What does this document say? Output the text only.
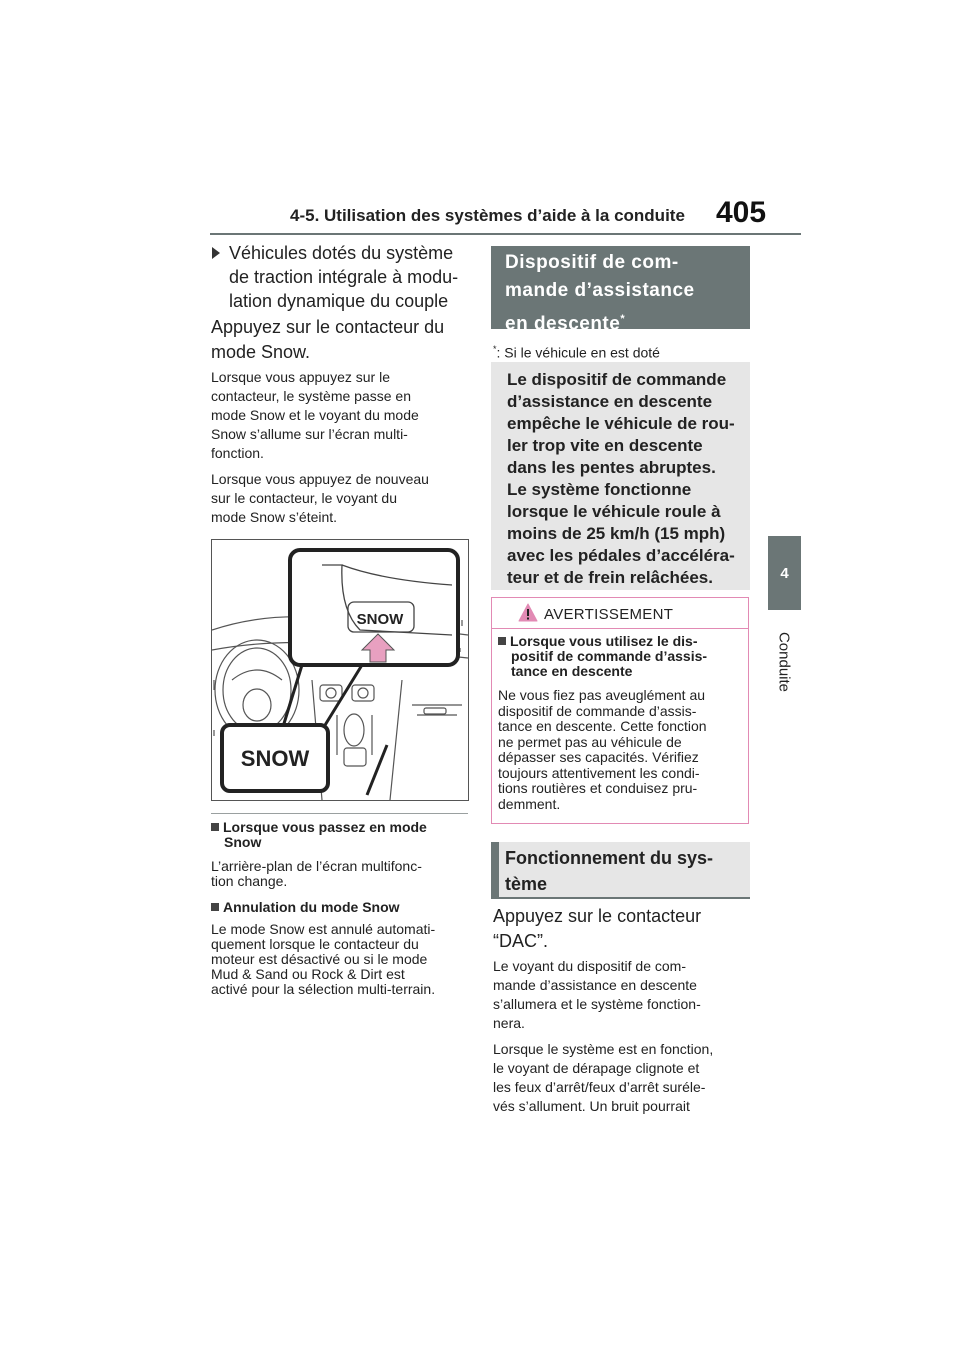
4-5. Utilisation des systèmes d’aide à la conduite 405
4
Conduite
Véhicules dotés du système
de traction intégrale à modu-
lation dynamique du couple
Appuyez sur le contacteur du
mode Snow.
Lorsque vous appuyez sur le
contacteur, le système passe en
mode Snow et le voyant du mode
Snow s’allume sur l’écran multi-
fonction.
Lorsque vous appuyez de nouveau
sur le contacteur, le voyant du
mode Snow s’éteint.
SNOW
SNOW
Lorsque vous passez en mode
Snow
L’arrière-plan de l’écran multifonc-
tion change.
Annulation du mode Snow
Le mode Snow est annulé automati-
quement lorsque le contacteur du
moteur est désactivé ou si le mode
Mud & Sand ou Rock & Dirt est
activé pour la sélection multi-terrain.
Dispositif de com-
mande d’assistance
en descente*
*: Si le véhicule en est doté
Le dispositif de commande
d’assistance en descente
empêche le véhicule de rou-
ler trop vite en descente
dans les pentes abruptes.
Le système fonctionne
lorsque le véhicule roule à
moins de 25 km/h (15 mph)
avec les pédales d’accéléra-
teur et de frein relâchées.
AVERTISSEMENT
Lorsque vous utilisez le dis-
positif de commande d’assis-
tance en descente
Ne vous fiez pas aveuglément au
dispositif de commande d’assis-
tance en descente. Cette fonction
ne permet pas au véhicule de
dépasser ses capacités. Vérifiez
toujours attentivement les condi-
tions routières et conduisez pru-
demment.
Fonctionnement du sys-
tème
Appuyez sur le contacteur
“DAC”.
Le voyant du dispositif de com-
mande d’assistance en descente
s’allumera et le système fonction-
nera.
Lorsque le système est en fonction,
le voyant de dérapage clignote et
les feux d’arrêt/feux d’arrêt suréle-
vés s’allument. Un bruit pourrait
